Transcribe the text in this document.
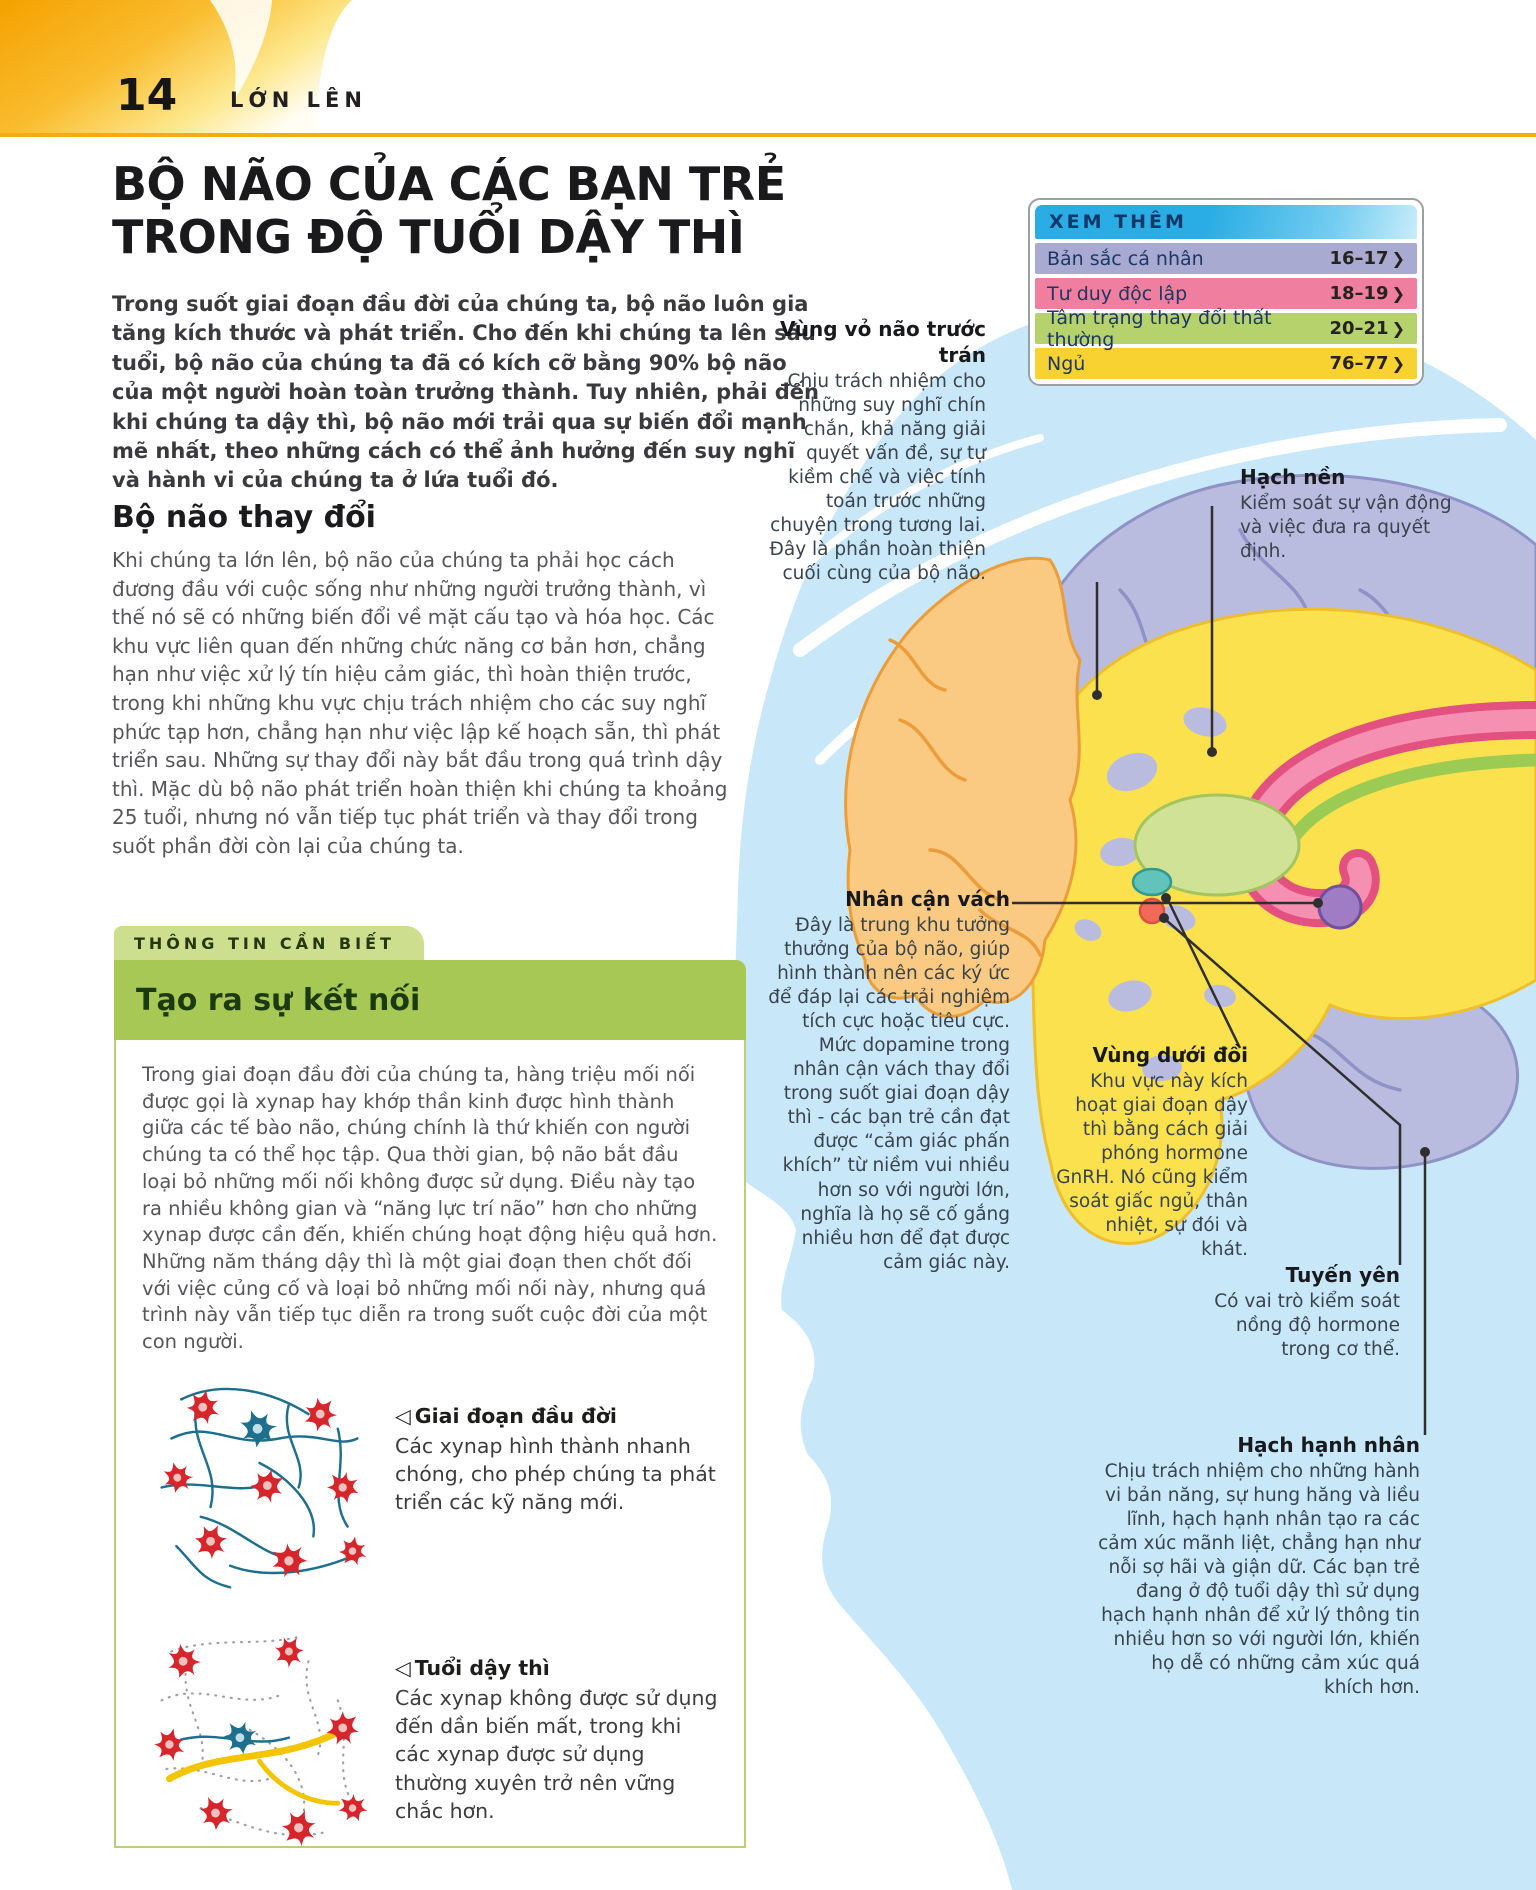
14	LỚN LÊN
BỘ NÃO CỦA CÁC BẠN TRẺ
TRONG ĐỘ TUỔI DẬY THÌ

Trong suốt giai đoạn đầu đời của chúng ta, bộ não luôn gia tăng kích thước và phát triển. Cho đến khi chúng ta lên sáu tuổi, bộ não của chúng ta đã có kích cỡ bằng 90% bộ não của một người hoàn toàn trưởng thành. Tuy nhiên, phải đến khi chúng ta dậy thì, bộ não mới trải qua sự biến đổi mạnh mẽ nhất, theo những cách có thể ảnh hưởng đến suy nghĩ và hành vi của chúng ta ở lứa tuổi đó.

Bộ não thay đổi

Khi chúng ta lớn lên, bộ não của chúng ta phải học cách đương đầu với cuộc sống như những người trưởng thành, vì thế nó sẽ có những biến đổi về mặt cấu tạo và hóa học. Các khu vực liên quan đến những chức năng cơ bản hơn, chẳng hạn như việc xử lý tín hiệu cảm giác, thì hoàn thiện trước, trong khi những khu vực chịu trách nhiệm cho các suy nghĩ phức tạp hơn, chẳng hạn như việc lập kế hoạch sẵn, thì phát triển sau. Những sự thay đổi này bắt đầu trong quá trình dậy thì. Mặc dù bộ não phát triển hoàn thiện khi chúng ta khoảng 25 tuổi, nhưng nó vẫn tiếp tục phát triển và thay đổi trong suốt phần đời còn lại của chúng ta.

XEM THÊM
Bản sắc cá nhân	16–17 ❯
Tư duy độc lập	18–19 ❯
Tâm trạng thay đổi thất thường	20–21 ❯
Ngủ	76–77 ❯
Vùng vỏ não trước trán

Chịu trách nhiệm cho những suy nghĩ chín chắn, khả năng giải quyết vấn đề, sự tự kiềm chế và việc tính toán trước những chuyện trong tương lai. Đây là phần hoàn thiện cuối cùng của bộ não.

Hạch nền

Kiểm soát sự vận động và việc đưa ra quyết định.

Nhân cận vách

Đây là trung khu tưởng thưởng của bộ não, giúp hình thành nên các ký ức để đáp lại các trải nghiệm tích cực hoặc tiêu cực. Mức dopamine trong nhân cận vách thay đổi trong suốt giai đoạn dậy thì - các bạn trẻ cần đạt được “cảm giác phấn khích” từ niềm vui nhiều hơn so với người lớn, nghĩa là họ sẽ cố gắng nhiều hơn để đạt được cảm giác này.

Vùng dưới đồi

Khu vực này kích hoạt giai đoạn dậy thì bằng cách giải phóng hormone GnRH. Nó cũng kiểm soát giấc ngủ, thân nhiệt, sự đói và khát.

Tuyến yên

Có vai trò kiểm soát nồng độ hormone trong cơ thể.

Hạch hạnh nhân

Chịu trách nhiệm cho những hành vi bản năng, sự hung hăng và liều lĩnh, hạch hạnh nhân tạo ra các cảm xúc mãnh liệt, chẳng hạn như nỗi sợ hãi và giận dữ. Các bạn trẻ đang ở độ tuổi dậy thì sử dụng hạch hạnh nhân để xử lý thông tin nhiều hơn so với người lớn, khiến họ dễ có những cảm xúc quá khích hơn.

THÔNG TIN CẦN BIẾT
Tạo ra sự kết nối

Trong giai đoạn đầu đời của chúng ta, hàng triệu mối nối được gọi là xynap hay khớp thần kinh được hình thành giữa các tế bào não, chúng chính là thứ khiến con người chúng ta có thể học tập. Qua thời gian, bộ não bắt đầu loại bỏ những mối nối không được sử dụng. Điều này tạo ra nhiều không gian và “năng lực trí não” hơn cho những xynap được cần đến, khiến chúng hoạt động hiệu quả hơn. Những năm tháng dậy thì là một giai đoạn then chốt đối với việc củng cố và loại bỏ những mối nối này, nhưng quá trình này vẫn tiếp tục diễn ra trong suốt cuộc đời của một con người.

◁ Giai đoạn đầu đời

Các xynap hình thành nhanh chóng, cho phép chúng ta phát triển các kỹ năng mới.

◁ Tuổi dậy thì

Các xynap không được sử dụng đến dần biến mất, trong khi các xynap được sử dụng thường xuyên trở nên vững chắc hơn.
